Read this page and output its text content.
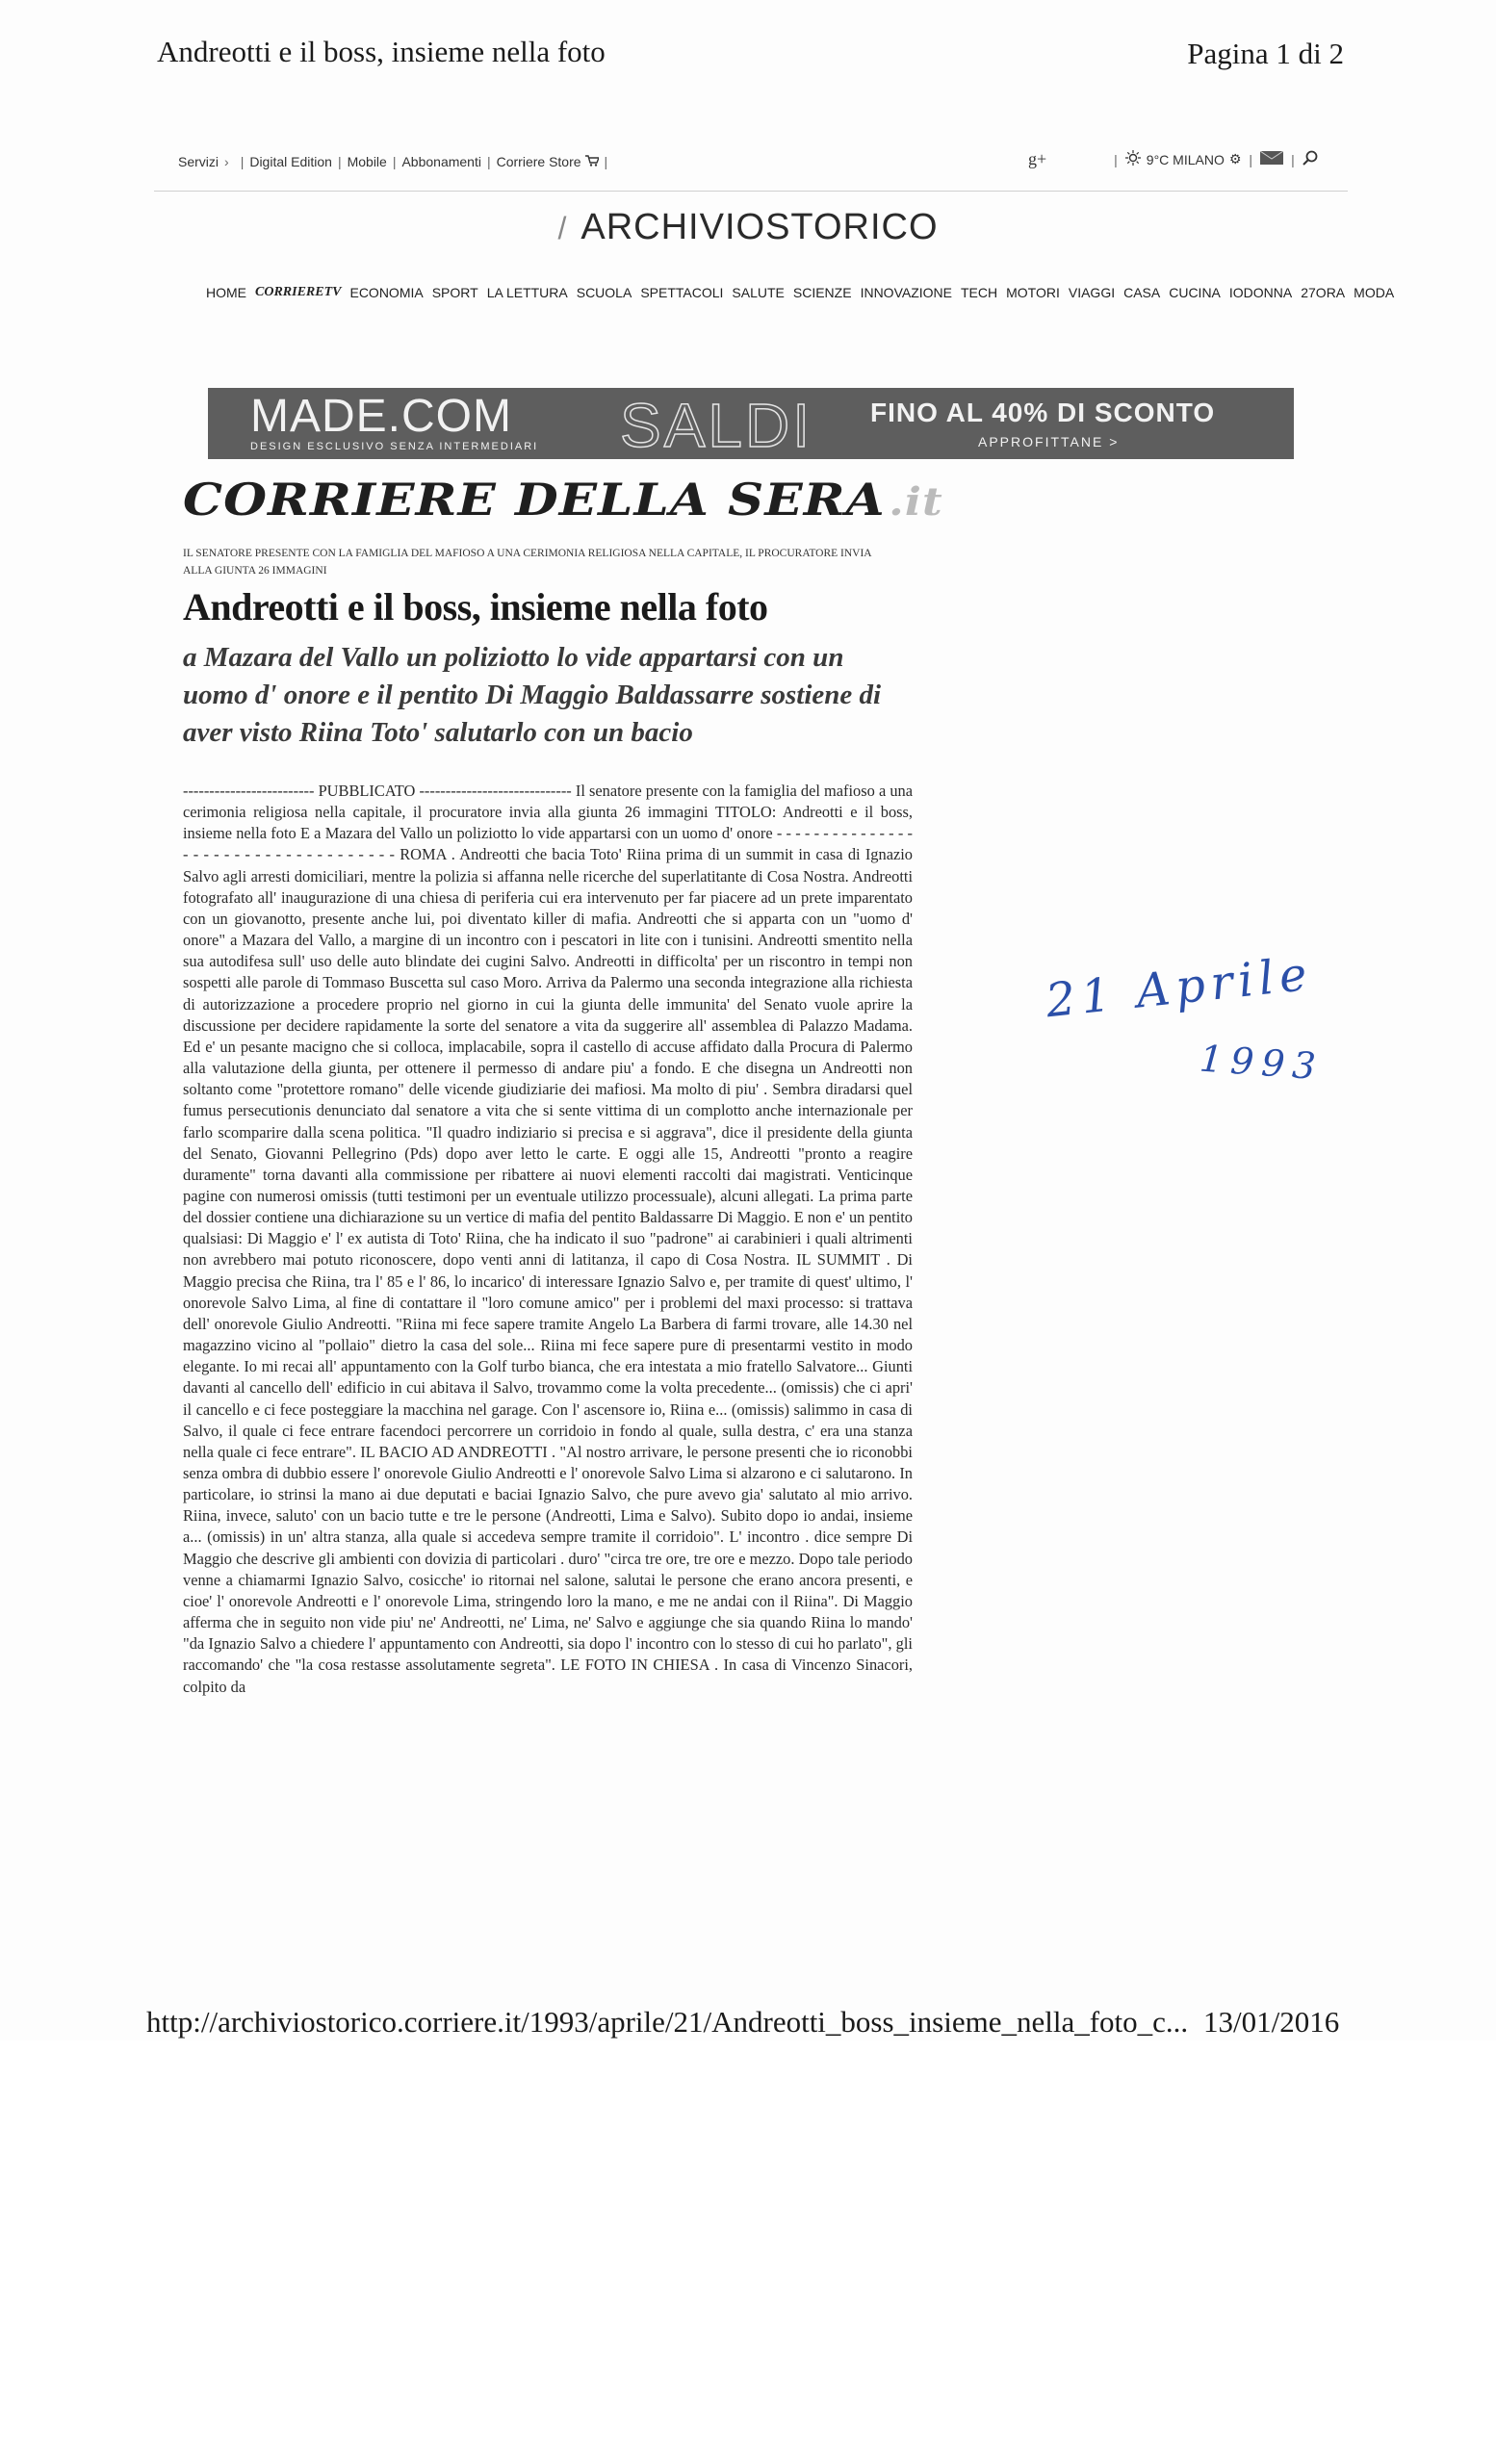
Andreotti e il boss, insieme nella foto	Pagina 1 di 2
Servizi › | Digital Edition | Mobile | Abbonamenti | Corriere Store |	g+	| 9°C MILANO ⚙ |	|
/ ARCHIVIOSTORICO
HOME CORRIERETV ECONOMIA SPORT LA LETTURA SCUOLA SPETTACOLI SALUTE SCIENZE INNOVAZIONE TECH MOTORI VIAGGI CASA CUCINA IODONNA 27ORA MODA
MADE.COM
DESIGN ESCLUSIVO SENZA INTERMEDIARI SALDI FINO AL 40% DI SCONTO
APPROFITTANE >
CORRIERE DELLA SERA.it
IL SENATORE PRESENTE CON LA FAMIGLIA DEL MAFIOSO A UNA CERIMONIA RELIGIOSA NELLA CAPITALE, IL PROCURATORE INVIA ALLA GIUNTA 26 IMMAGINI
Andreotti e il boss, insieme nella foto
a Mazara del Vallo un poliziotto lo vide appartarsi con un uomo d' onore e il pentito Di Maggio Baldassarre sostiene di aver visto Riina Toto' salutarlo con un bacio
------------------------- PUBBLICATO ----------------------------- Il senatore presente con la famiglia del mafioso a una cerimonia religiosa nella capitale, il procuratore invia alla giunta 26 immagini TITOLO: Andreotti e il boss, insieme nella foto E a Mazara del Vallo un poliziotto lo vide appartarsi con un uomo d' onore - - - - - - - - - - - - - - - - - - - - - - - - - - - - - - - - - - - - ROMA . Andreotti che bacia Toto' Riina prima di un summit in casa di Ignazio Salvo agli arresti domiciliari, mentre la polizia si affanna nelle ricerche del superlatitante di Cosa Nostra. Andreotti fotografato all' inaugurazione di una chiesa di periferia cui era intervenuto per far piacere ad un prete imparentato con un giovanotto, presente anche lui, poi diventato killer di mafia. Andreotti che si apparta con un "uomo d' onore" a Mazara del Vallo, a margine di un incontro con i pescatori in lite con i tunisini. Andreotti smentito nella sua autodifesa sull' uso delle auto blindate dei cugini Salvo. Andreotti in difficolta' per un riscontro in tempi non sospetti alle parole di Tommaso Buscetta sul caso Moro. Arriva da Palermo una seconda integrazione alla richiesta di autorizzazione a procedere proprio nel giorno in cui la giunta delle immunita' del Senato vuole aprire la discussione per decidere rapidamente la sorte del senatore a vita da suggerire all' assemblea di Palazzo Madama. Ed e' un pesante macigno che si colloca, implacabile, sopra il castello di accuse affidato dalla Procura di Palermo alla valutazione della giunta, per ottenere il permesso di andare piu' a fondo. E che disegna un Andreotti non soltanto come "protettore romano" delle vicende giudiziarie dei mafiosi. Ma molto di piu' . Sembra diradarsi quel fumus persecutionis denunciato dal senatore a vita che si sente vittima di un complotto anche internazionale per farlo scomparire dalla scena politica. "Il quadro indiziario si precisa e si aggrava", dice il presidente della giunta del Senato, Giovanni Pellegrino (Pds) dopo aver letto le carte. E oggi alle 15, Andreotti "pronto a reagire duramente" torna davanti alla commissione per ribattere ai nuovi elementi raccolti dai magistrati. Venticinque pagine con numerosi omissis (tutti testimoni per un eventuale utilizzo processuale), alcuni allegati. La prima parte del dossier contiene una dichiarazione su un vertice di mafia del pentito Baldassarre Di Maggio. E non e' un pentito qualsiasi: Di Maggio e' l' ex autista di Toto' Riina, che ha indicato il suo "padrone" ai carabinieri i quali altrimenti non avrebbero mai potuto riconoscere, dopo venti anni di latitanza, il capo di Cosa Nostra. IL SUMMIT . Di Maggio precisa che Riina, tra l' 85 e l' 86, lo incarico' di interessare Ignazio Salvo e, per tramite di quest' ultimo, l' onorevole Salvo Lima, al fine di contattare il "loro comune amico" per i problemi del maxi processo: si trattava dell' onorevole Giulio Andreotti. "Riina mi fece sapere tramite Angelo La Barbera di farmi trovare, alle 14.30 nel magazzino vicino al "pollaio" dietro la casa del sole... Riina mi fece sapere pure di presentarmi vestito in modo elegante. Io mi recai all' appuntamento con la Golf turbo bianca, che era intestata a mio fratello Salvatore... Giunti davanti al cancello dell' edificio in cui abitava il Salvo, trovammo come la volta precedente... (omissis) che ci apri' il cancello e ci fece posteggiare la macchina nel garage. Con l' ascensore io, Riina e... (omissis) salimmo in casa di Salvo, il quale ci fece entrare facendoci percorrere un corridoio in fondo al quale, sulla destra, c' era una stanza nella quale ci fece entrare". IL BACIO AD ANDREOTTI . "Al nostro arrivare, le persone presenti che io riconobbi senza ombra di dubbio essere l' onorevole Giulio Andreotti e l' onorevole Salvo Lima si alzarono e ci salutarono. In particolare, io strinsi la mano ai due deputati e baciai Ignazio Salvo, che pure avevo gia' salutato al mio arrivo. Riina, invece, saluto' con un bacio tutte e tre le persone (Andreotti, Lima e Salvo). Subito dopo io andai, insieme a... (omissis) in un' altra stanza, alla quale si accedeva sempre tramite il corridoio". L' incontro . dice sempre Di Maggio che descrive gli ambienti con dovizia di particolari . duro' "circa tre ore, tre ore e mezzo. Dopo tale periodo venne a chiamarmi Ignazio Salvo, cosicche' io ritornai nel salone, salutai le persone che erano ancora presenti, e cioe' l' onorevole Andreotti e l' onorevole Lima, stringendo loro la mano, e me ne andai con il Riina". Di Maggio afferma che in seguito non vide piu' ne' Andreotti, ne' Lima, ne' Salvo e aggiunge che sia quando Riina lo mando' "da Ignazio Salvo a chiedere l' appuntamento con Andreotti, sia dopo l' incontro con lo stesso di cui ho parlato", gli raccomando' che "la cosa restasse assolutamente segreta". LE FOTO IN CHIESA . In casa di Vincenzo Sinacori, colpito da
21 Aprile
1993
http://archiviostorico.corriere.it/1993/aprile/21/Andreotti_boss_insieme_nella_foto_c... 13/01/2016
